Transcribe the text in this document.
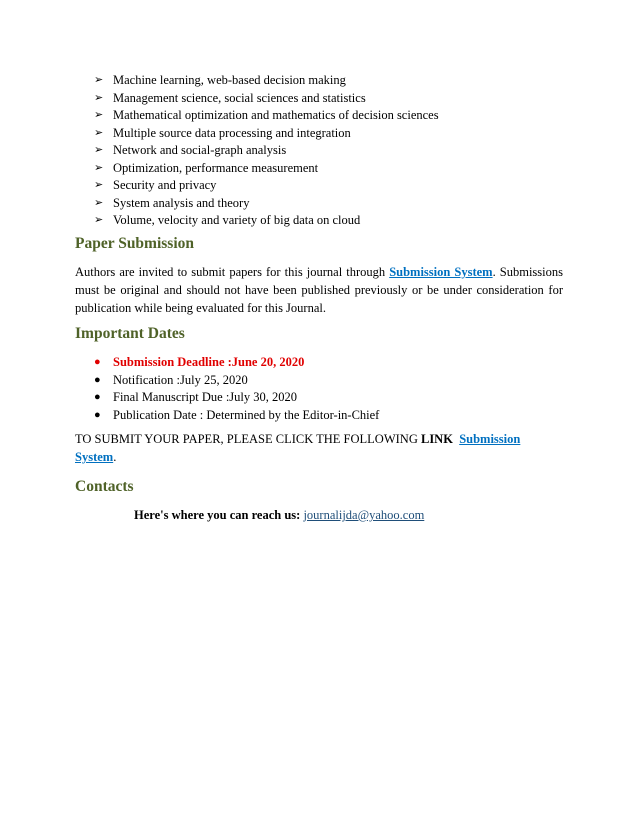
➢ Machine learning, web-based decision making
➢ Management science, social sciences and statistics
➢ Mathematical optimization and mathematics of decision sciences
➢ Multiple source data processing and integration
➢ Network and social-graph analysis
➢ Optimization, performance measurement
➢ Security and privacy
➢ System analysis and theory
➢ Volume, velocity and variety of big data on cloud
Paper Submission

Authors are invited to submit papers for this journal through Submission System. Submissions must be original and should not have been published previously or be under consideration for publication while being evaluated for this Journal.

Important Dates
● Submission Deadline :June 20, 2020
● Notification :July 25, 2020
● Final Manuscript Due :July 30, 2020
● Publication Date : Determined by the Editor-in-Chief

TO SUBMIT YOUR PAPER, PLEASE CLICK THE FOLLOWING LINK Submission System.

Contacts

Here's where you can reach us: journalijda@yahoo.com
